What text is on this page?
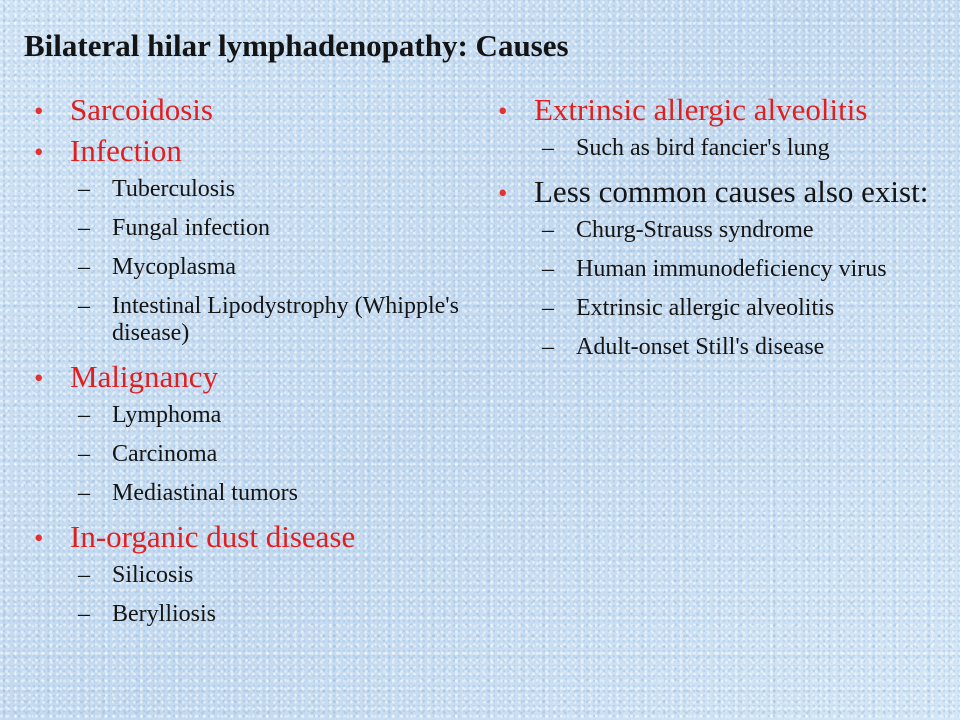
Bilateral hilar lymphadenopathy: Causes
• Sarcoidosis
• Infection
– Tuberculosis
– Fungal infection
– Mycoplasma
– Intestinal Lipodystrophy (Whipple's disease)
• Malignancy
– Lymphoma
– Carcinoma
– Mediastinal tumors
• In-organic dust disease
– Silicosis
– Berylliosis
• Extrinsic allergic alveolitis
– Such as bird fancier's lung
• Less common causes also exist:
– Churg-Strauss syndrome
– Human immunodeficiency virus
– Extrinsic allergic alveolitis
– Adult-onset Still's disease
